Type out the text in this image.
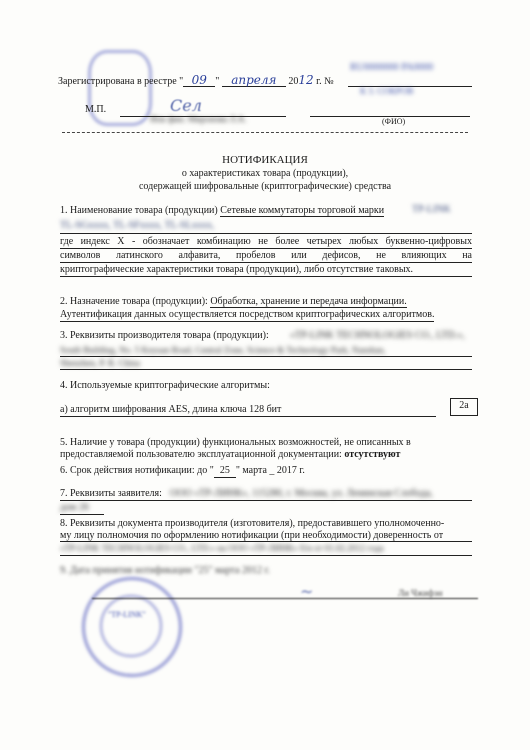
Зарегистрирована в реестре " 09 " апреля 2012 г. №
RU0000000 PA0000
К 3. СОКРОВ
М.П.	Сел
Ипк фин. Миронова Л.А.	(ФИО)
НОТИФИКАЦИЯ
о характеристиках товара (продукции),
содержащей шифровальные (криптографические) средства
1. Наименование товара (продукции) Сетевые коммутаторы торговой марки	TP-LINK
TL-SGxxxx, TL-SFxxxx, TL-SLxxxx,
где индекс X - обозначает комбинацию не более четырех любых буквенно-цифровых
символов латинского алфавита, пробелов или дефисов, не влияющих на
криптографические характеристики товара (продукции), либо отсутствие таковых.
2. Назначение товара (продукции): Обработка, хранение и передача информации.
Аутентификация данных осуществляется посредством криптографических алгоритмов.
3. Реквизиты производителя товара (продукции): «TP-LINK TECHNOLOGIES CO., LTD.»,
South Building, No. 5 Keyuan Road, Central Zone, Science & Technology Park, Nanshan,
Shenzhen, P. R. China
4. Используемые криптографические алгоритмы:
а) алгоритм шифрования AES, длина ключа 128 бит	2а
5. Наличие у товара (продукции) функциональных возможностей, не описанных в
предоставляемой пользователю эксплуатационной документации: отсутствуют
6. Срок действия нотификации: до " 25 " марта _ 2017 г.
7. Реквизиты заявителя: ООО «TP-ЛИНК», 115280, г. Москва, ул. Ленинская Слобода,
дом 26
8. Реквизиты документа производителя (изготовителя), предоставившего уполномоченно-
му лицу полномочия по оформлению нотификации (при необходимости) доверенность от
«TP-LINK TECHNOLOGIES CO., LTD.» на ООО «TP-ЛИНК» б/н от 01.02.2012 года
9. Дата принятия нотификации "25" марта 2012 г.
"TP-LINK"
~	Ли Чжифэн
